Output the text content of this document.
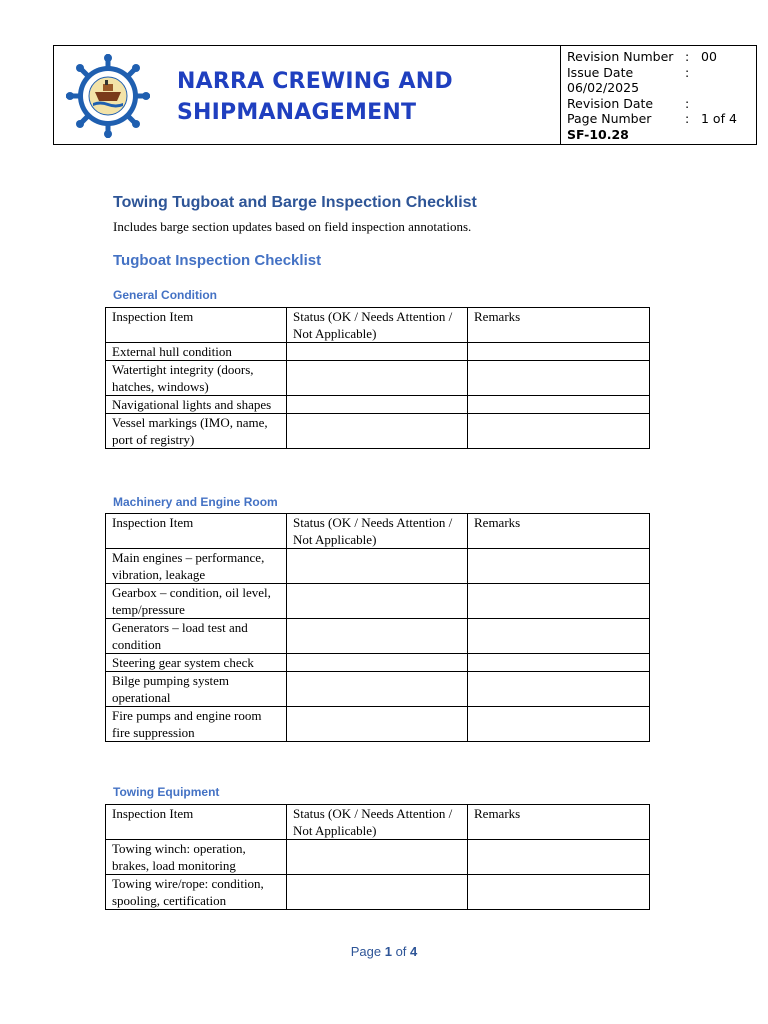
NARRA CREWING AND
SHIPMANAGEMENT
Revision Number : 00
Issue Date	:
06/02/2025
Revision Date	:
Page Number	: 1 of 4
SF-10.28
Towing Tugboat and Barge Inspection Checklist
Includes barge section updates based on field inspection annotations.
Tugboat Inspection Checklist
General Condition
Inspection Item	Status (OK / Needs Attention / Not Applicable)	Remarks
External hull condition		
Watertight integrity (doors, hatches, windows)		
Navigational lights and shapes		
Vessel markings (IMO, name, port of registry)		
Machinery and Engine Room
Inspection Item	Status (OK / Needs Attention / Not Applicable)	Remarks
Main engines – performance, vibration, leakage		
Gearbox – condition, oil level, temp/pressure		
Generators – load test and condition		
Steering gear system check		
Bilge pumping system operational		
Fire pumps and engine room fire suppression		
Towing Equipment
Inspection Item	Status (OK / Needs Attention / Not Applicable)	Remarks
Towing winch: operation, brakes, load monitoring		
Towing wire/rope: condition, spooling, certification		
Page 1 of 4
